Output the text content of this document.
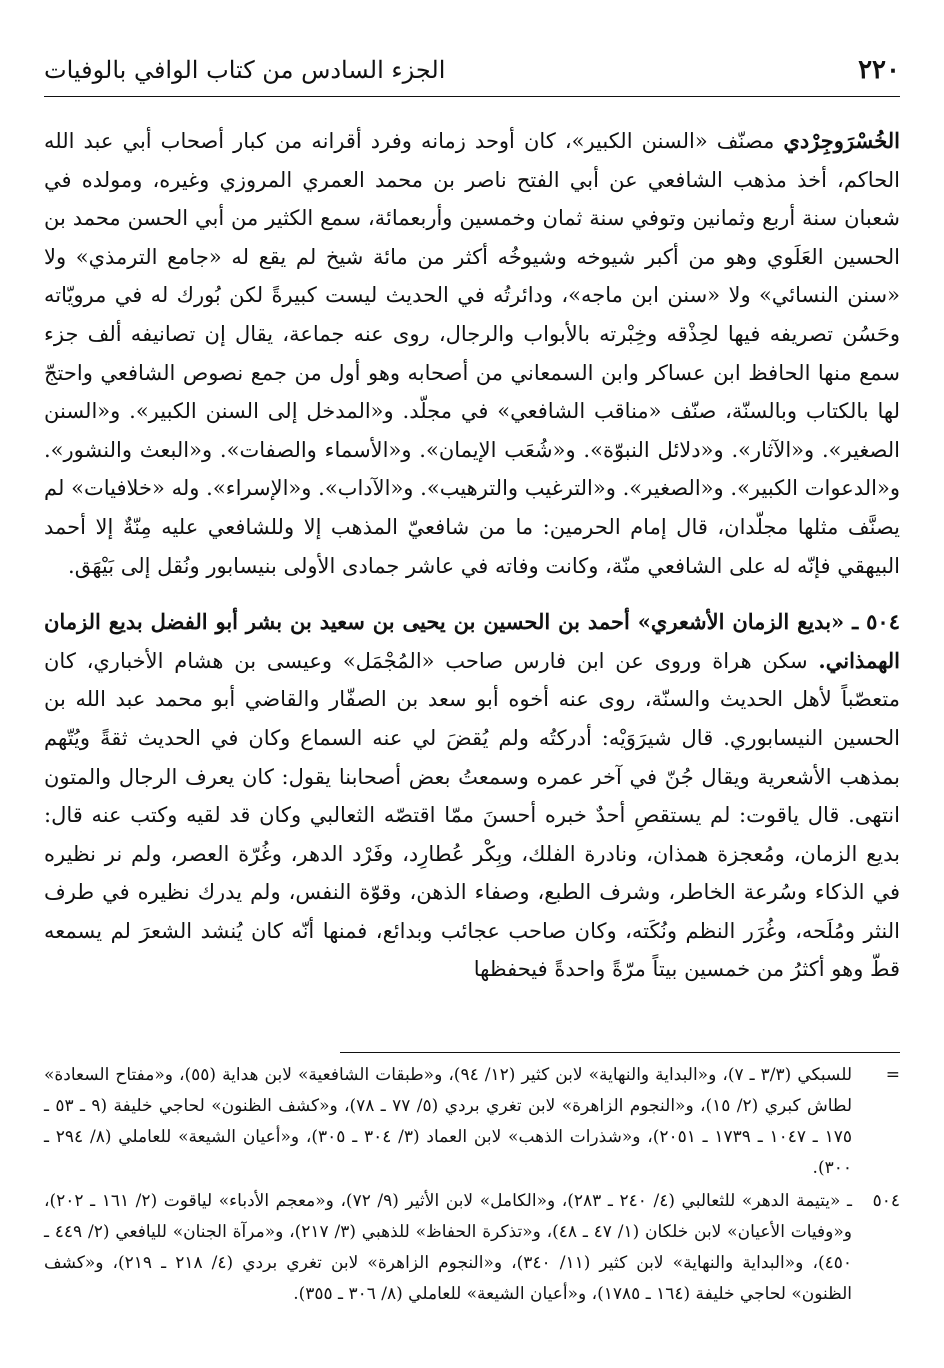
٢٢٠
الجزء السادس من كتاب الوافي بالوفيات

الخُسْرَوجِرْدي مصنّف «السنن الكبير»، كان أوحد زمانه وفرد أقرانه من كبار أصحاب أبي عبد الله الحاكم، أخذ مذهب الشافعي عن أبي الفتح ناصر بن محمد العمري المروزي وغيره، ومولده في شعبان سنة أربع وثمانين وتوفي سنة ثمان وخمسين وأربعمائة، سمع الكثير من أبي الحسن محمد بن الحسين العَلَوي وهو من أكبر شيوخه وشيوخُه أكثر من مائة شيخ لم يقع له «جامع الترمذي» ولا «سنن النسائي» ولا «سنن ابن ماجه»، ودائرتُه في الحديث ليست كبيرةً لكن بُورك له في مرويّاته وحَسُن تصريفه فيها لحِذْقه وخِبْرته بالأبواب والرجال، روى عنه جماعة، يقال إن تصانيفه ألف جزء سمع منها الحافظ ابن عساكر وابن السمعاني من أصحابه وهو أول من جمع نصوص الشافعي واحتجّ لها بالكتاب وبالسنّة، صنّف «مناقب الشافعي» في مجلّد. و«المدخل إلى السنن الكبير». و«السنن الصغير». و«الآثار». و«دلائل النبوّة». و«شُعَب الإيمان». و«الأسماء والصفات». و«البعث والنشور». و«الدعوات الكبير». و«الصغير». و«الترغيب والترهيب». و«الآداب». و«الإسراء». وله «خلافيات» لم يصنَّف مثلها مجلّدان، قال إمام الحرمين: ما من شافعيّ المذهب إلا وللشافعي عليه مِنّةٌ إلا أحمد البيهقي فإنّه له على الشافعي منّة، وكانت وفاته في عاشر جمادى الأولى بنيسابور ونُقل إلى بَيْهَق.

٥٠٤ ـ «بديع الزمان الأشعري» أحمد بن الحسين بن يحيى بن سعيد بن بشر أبو الفضل بديع الزمان الهمذاني. سكن هراة وروى عن ابن فارس صاحب «المُجْمَل» وعيسى بن هشام الأخباري، كان متعصّباً لأهل الحديث والسنّة، روى عنه أخوه أبو سعد بن الصفّار والقاضي أبو محمد عبد الله بن الحسين النيسابوري. قال شيرَوَيْه: أدركتُه ولم يُقضَ لي عنه السماع وكان في الحديث ثقةً ويُتّهم بمذهب الأشعرية ويقال جُنّ في آخر عمره وسمعتُ بعض أصحابنا يقول: كان يعرف الرجال والمتون انتهى. قال ياقوت: لم يستقصِ أحدٌ خبره أحسنَ ممّا اقتصّه الثعالبي وكان قد لقيه وكتب عنه قال: بديع الزمان، ومُعجزة همذان، ونادرة الفلك، وبِكْر عُطارِد، وفَرْد الدهر، وغُرّة العصر، ولم نر نظيره في الذكاء وسُرعة الخاطر، وشرف الطبع، وصفاء الذهن، وقوّة النفس، ولم يدرك نظيره في طرف النثر ومُلَحه، وغُرَر النظم ونُكَته، وكان صاحب عجائب وبدائع، فمنها أنّه كان يُنشد الشعرَ لم يسمعه قطّ وهو أكثرُ من خمسين بيتاً مرّةً واحدةً فيحفظها

=
للسبكي (٣/٣ ـ ٧)، و«البداية والنهاية» لابن كثير (١٢/ ٩٤)، و«طبقات الشافعية» لابن هداية (٥٥)، و«مفتاح السعادة» لطاش كبري (٢/ ١٥)، و«النجوم الزاهرة» لابن تغري بردي (٥/ ٧٧ ـ ٧٨)، و«كشف الظنون» لحاجي خليفة (٩ ـ ٥٣ ـ ١٧٥ ـ ١٠٤٧ ـ ١٧٣٩ ـ ٢٠٥١)، و«شذرات الذهب» لابن العماد (٣/ ٣٠٤ ـ ٣٠٥)، و«أعيان الشيعة» للعاملي (٨/ ٢٩٤ ـ ٣٠٠).
٥٠٤
ـ «يتيمة الدهر» للثعالبي (٤/ ٢٤٠ ـ ٢٨٣)، و«الكامل» لابن الأثير (٩/ ٧٢)، و«معجم الأدباء» لياقوت (٢/ ١٦١ ـ ٢٠٢)، و«وفيات الأعيان» لابن خلكان (١/ ٤٧ ـ ٤٨)، و«تذكرة الحفاظ» للذهبي (٣/ ٢١٧)، و«مرآة الجنان» لليافعي (٢/ ٤٤٩ ـ ٤٥٠)، و«البداية والنهاية» لابن كثير (١١/ ٣٤٠)، و«النجوم الزاهرة» لابن تغري بردي (٤/ ٢١٨ ـ ٢١٩)، و«كشف الظنون» لحاجي خليفة (١٦٤ ـ ١٧٨٥)، و«أعيان الشيعة» للعاملي (٨/ ٣٠٦ ـ ٣٥٥).
